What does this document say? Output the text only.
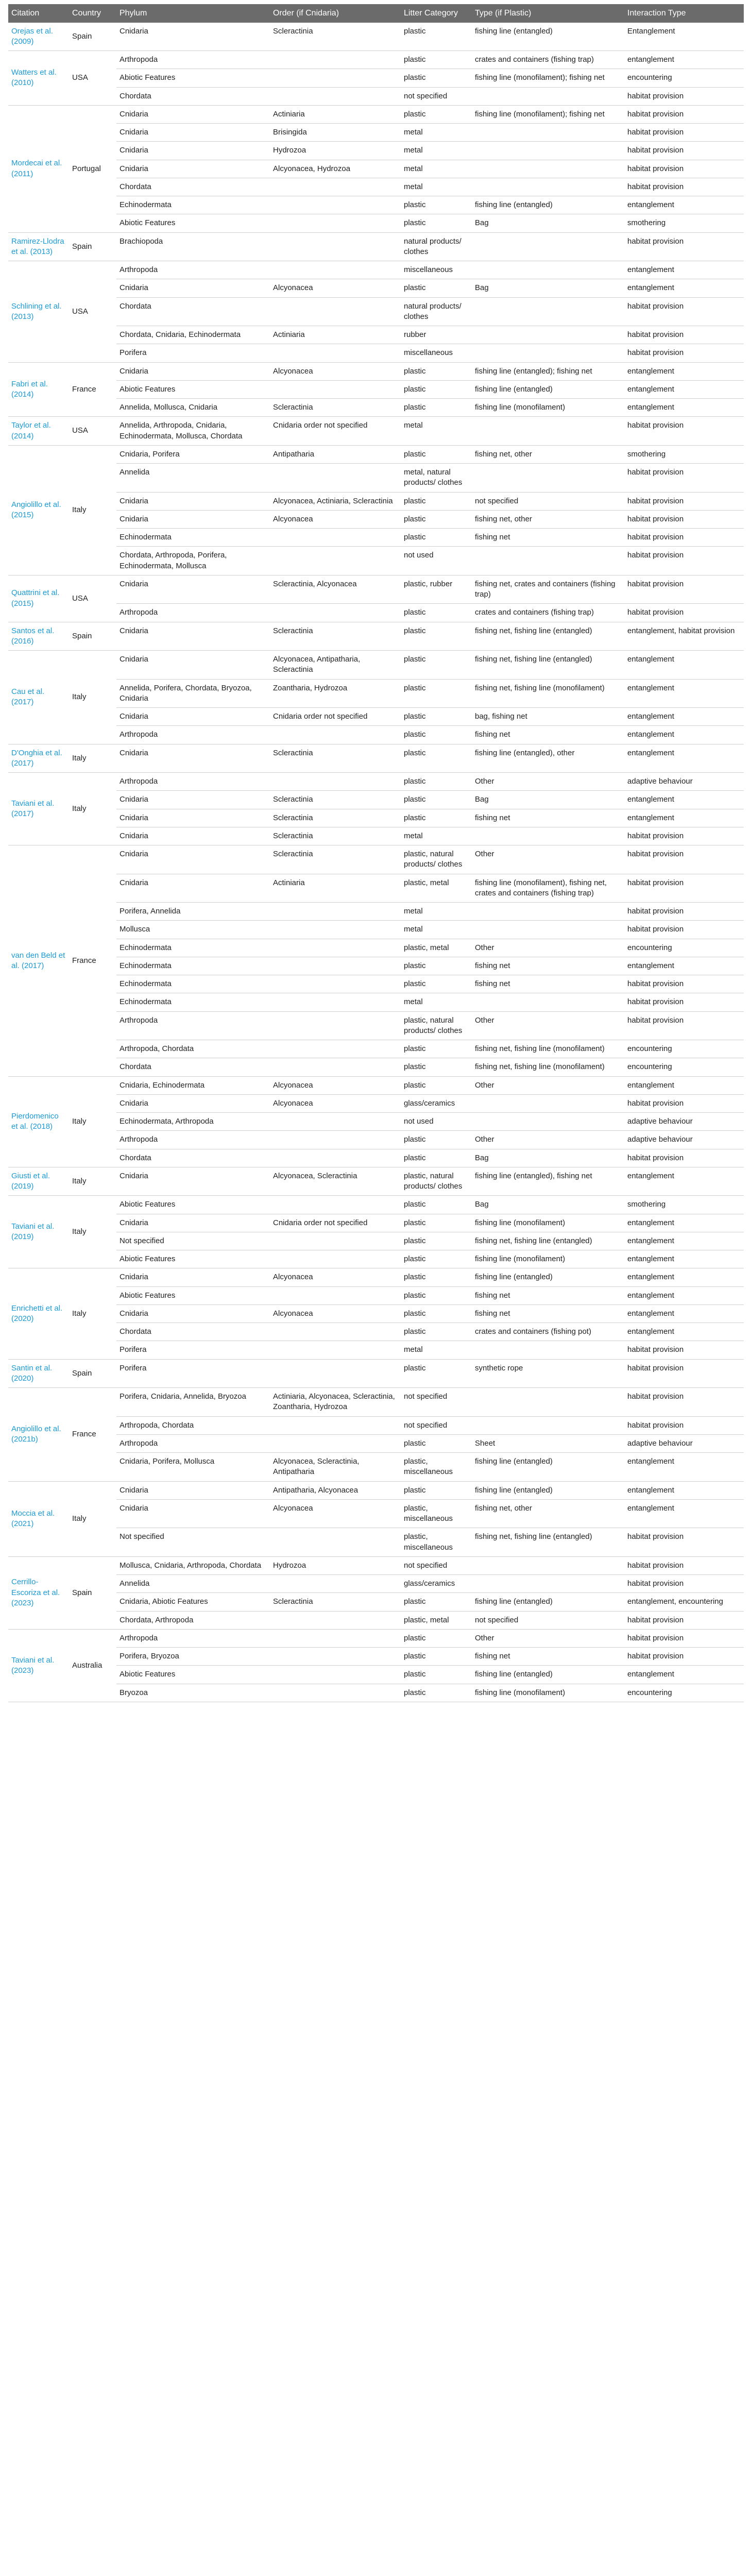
Citation	Country	Phylum	Order (if Cnidaria)	Litter Category	Type (if Plastic)	Interaction Type
Orejas et al. (2009)	Spain	Cnidaria	Scleractinia	plastic	fishing line (entangled)	Entanglement
Watters et al. (2010)	USA	Arthropoda		plastic	crates and containers (fishing trap)	entanglement
		Abiotic Features		plastic	fishing line (monofilament); fishing net	encountering
		Chordata		not specified		habitat provision
Mordecai et al. (2011)	Portugal	Cnidaria	Actiniaria	plastic	fishing line (monofilament); fishing net	habitat provision
		Cnidaria	Brisingida	metal		habitat provision
		Cnidaria	Hydrozoa	metal		habitat provision
		Cnidaria	Alcyonacea, Hydrozoa	metal		habitat provision
		Chordata		metal		habitat provision
		Echinodermata		plastic	fishing line (entangled)	entanglement
		Abiotic Features		plastic	Bag	smothering
Ramirez-Llodra et al. (2013)	Spain	Brachiopoda		natural products/ clothes		habitat provision
Schlining et al. (2013)	USA	Arthropoda		miscellaneous		entanglement
		Cnidaria	Alcyonacea	plastic	Bag	entanglement
		Chordata		natural products/ clothes		habitat provision
		Chordata, Cnidaria, Echinodermata	Actiniaria	rubber		habitat provision
		Porifera		miscellaneous		habitat provision
Fabri et al. (2014)	France	Cnidaria	Alcyonacea	plastic	fishing line (entangled); fishing net	entanglement
		Abiotic Features		plastic	fishing line (entangled)	entanglement
		Annelida, Mollusca, Cnidaria	Scleractinia	plastic	fishing line (monofilament)	entanglement
Taylor et al. (2014)	USA	Annelida, Arthropoda, Cnidaria, Echinodermata, Mollusca, Chordata	Cnidaria order not specified	metal		habitat provision
Angiolillo et al. (2015)	Italy	Cnidaria, Porifera	Antipatharia	plastic	fishing net, other	smothering
		Annelida		metal, natural products/ clothes		habitat provision
		Cnidaria	Alcyonacea, Actiniaria, Scleractinia	plastic	not specified	habitat provision
		Cnidaria	Alcyonacea	plastic	fishing net, other	habitat provision
		Echinodermata		plastic	fishing net	habitat provision
		Chordata, Arthropoda, Porifera, Echinodermata, Mollusca		not used		habitat provision
Quattrini et al. (2015)	USA	Cnidaria	Scleractinia, Alcyonacea	plastic, rubber	fishing net, crates and containers (fishing trap)	habitat provision
		Arthropoda		plastic	crates and containers (fishing trap)	habitat provision
Santos et al. (2016)	Spain	Cnidaria	Scleractinia	plastic	fishing net, fishing line (entangled)	entanglement, habitat provision
Cau et al. (2017)	Italy	Cnidaria	Alcyonacea, Antipatharia, Scleractinia	plastic	fishing net, fishing line (entangled)	entanglement
		Annelida, Porifera, Chordata, Bryozoa, Cnidaria	Zoantharia, Hydrozoa	plastic	fishing net, fishing line (monofilament)	entanglement
		Cnidaria	Cnidaria order not specified	plastic	bag, fishing net	entanglement
		Arthropoda		plastic	fishing net	entanglement
D'Onghia et al. (2017)	Italy	Cnidaria	Scleractinia	plastic	fishing line (entangled), other	entanglement
Taviani et al. (2017)	Italy	Arthropoda		plastic	Other	adaptive behaviour
		Cnidaria	Scleractinia	plastic	Bag	entanglement
		Cnidaria	Scleractinia	plastic	fishing net	entanglement
		Cnidaria	Scleractinia	metal		habitat provision
van den Beld et al. (2017)	France	Cnidaria	Scleractinia	plastic, natural products/ clothes	Other	habitat provision
		Cnidaria	Actiniaria	plastic, metal	fishing line (monofilament), fishing net, crates and containers (fishing trap)	habitat provision
		Porifera, Annelida		metal		habitat provision
		Mollusca		metal		habitat provision
		Echinodermata		plastic, metal	Other	encountering
		Echinodermata		plastic	fishing net	entanglement
		Echinodermata		plastic	fishing net	habitat provision
		Echinodermata		metal		habitat provision
		Arthropoda		plastic, natural products/ clothes	Other	habitat provision
		Arthropoda, Chordata		plastic	fishing net, fishing line (monofilament)	encountering
		Chordata		plastic	fishing net, fishing line (monofilament)	encountering
Pierdomenico et al. (2018)	Italy	Cnidaria, Echinodermata	Alcyonacea	plastic	Other	entanglement
		Cnidaria	Alcyonacea	glass/ceramics		habitat provision
		Echinodermata, Arthropoda		not used		adaptive behaviour
		Arthropoda		plastic	Other	adaptive behaviour
		Chordata		plastic	Bag	habitat provision
Giusti et al. (2019)	Italy	Cnidaria	Alcyonacea, Scleractinia	plastic, natural products/ clothes	fishing line (entangled), fishing net	entanglement
Taviani et al. (2019)	Italy	Abiotic Features		plastic	Bag	smothering
		Cnidaria	Cnidaria order not specified	plastic	fishing line (monofilament)	entanglement
		Not specified		plastic	fishing net, fishing line (entangled)	entanglement
		Abiotic Features		plastic	fishing line (monofilament)	entanglement
Enrichetti et al. (2020)	Italy	Cnidaria	Alcyonacea	plastic	fishing line (entangled)	entanglement
		Abiotic Features		plastic	fishing net	entanglement
		Cnidaria	Alcyonacea	plastic	fishing net	entanglement
		Chordata		plastic	crates and containers (fishing pot)	entanglement
		Porifera		metal		habitat provision
Santin et al. (2020)	Spain	Porifera		plastic	synthetic rope	habitat provision
Angiolillo et al. (2021b)	France	Porifera, Cnidaria, Annelida, Bryozoa	Actiniaria, Alcyonacea, Scleractinia, Zoantharia, Hydrozoa	not specified		habitat provision
		Arthropoda, Chordata		not specified		habitat provision
		Arthropoda		plastic	Sheet	adaptive behaviour
		Cnidaria, Porifera, Mollusca	Alcyonacea, Scleractinia, Antipatharia	plastic, miscellaneous	fishing line (entangled)	entanglement
Moccia et al. (2021)	Italy	Cnidaria	Antipatharia, Alcyonacea	plastic	fishing line (entangled)	entanglement
		Cnidaria	Alcyonacea	plastic, miscellaneous	fishing net, other	entanglement
		Not specified		plastic, miscellaneous	fishing net, fishing line (entangled)	habitat provision
Cerrillo-Escoriza et al. (2023)	Spain	Mollusca, Cnidaria, Arthropoda, Chordata	Hydrozoa	not specified		habitat provision
		Annelida		glass/ceramics		habitat provision
		Cnidaria, Abiotic Features	Scleractinia	plastic	fishing line (entangled)	entanglement, encountering
		Chordata, Arthropoda		plastic, metal	not specified	habitat provision
Taviani et al. (2023)	Australia	Arthropoda		plastic	Other	habitat provision
		Porifera, Bryozoa		plastic	fishing net	habitat provision
		Abiotic Features		plastic	fishing line (entangled)	entanglement
		Bryozoa		plastic	fishing line (monofilament)	encountering
